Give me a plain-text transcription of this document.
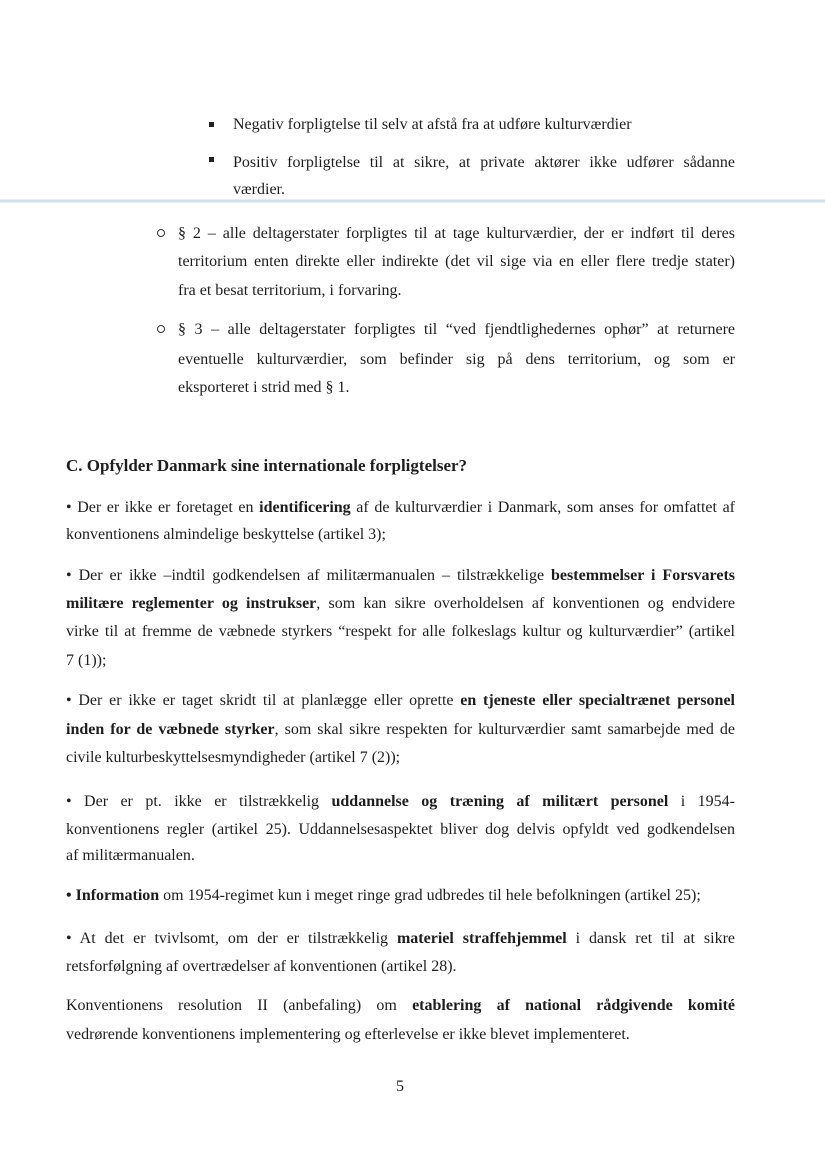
Negativ forpligtelse til selv at afstå fra at udføre kulturværdier
Positiv forpligtelse til at sikre, at private aktører ikke udfører sådanne
værdier.
§ 2 – alle deltagerstater forpligtes til at tage kulturværdier, der er indført til deres
territorium enten direkte eller indirekte (det vil sige via en eller flere tredje stater)
fra et besat territorium, i forvaring.
§ 3 – alle deltagerstater forpligtes til “ved fjendtlighedernes ophør” at returnere
eventuelle kulturværdier, som befinder sig på dens territorium, og som er
eksporteret i strid med § 1.
C. Opfylder Danmark sine internationale forpligtelser?
• Der er ikke er foretaget en identificering af de kulturværdier i Danmark, som anses for omfattet af
konventionens almindelige beskyttelse (artikel 3);
• Der er ikke –indtil godkendelsen af militærmanualen – tilstrækkelige bestemmelser i Forsvarets
militære reglementer og instrukser, som kan sikre overholdelsen af konventionen og endvidere
virke til at fremme de væbnede styrkers “respekt for alle folkeslags kultur og kulturværdier” (artikel
7 (1));
• Der er ikke er taget skridt til at planlægge eller oprette en tjeneste eller specialtrænet personel
inden for de væbnede styrker, som skal sikre respekten for kulturværdier samt samarbejde med de
civile kulturbeskyttelsesmyndigheder (artikel 7 (2));
• Der er pt. ikke er tilstrækkelig uddannelse og træning af militært personel i 1954-
konventionens regler (artikel 25). Uddannelsesaspektet bliver dog delvis opfyldt ved godkendelsen
af militærmanualen.
• Information om 1954-regimet kun i meget ringe grad udbredes til hele befolkningen (artikel 25);
• At det er tvivlsomt, om der er tilstrækkelig materiel straffehjemmel i dansk ret til at sikre
retsforfølgning af overtrædelser af konventionen (artikel 28).
Konventionens resolution II (anbefaling) om etablering af national rådgivende komité
vedrørende konventionens implementering og efterlevelse er ikke blevet implementeret.
5
